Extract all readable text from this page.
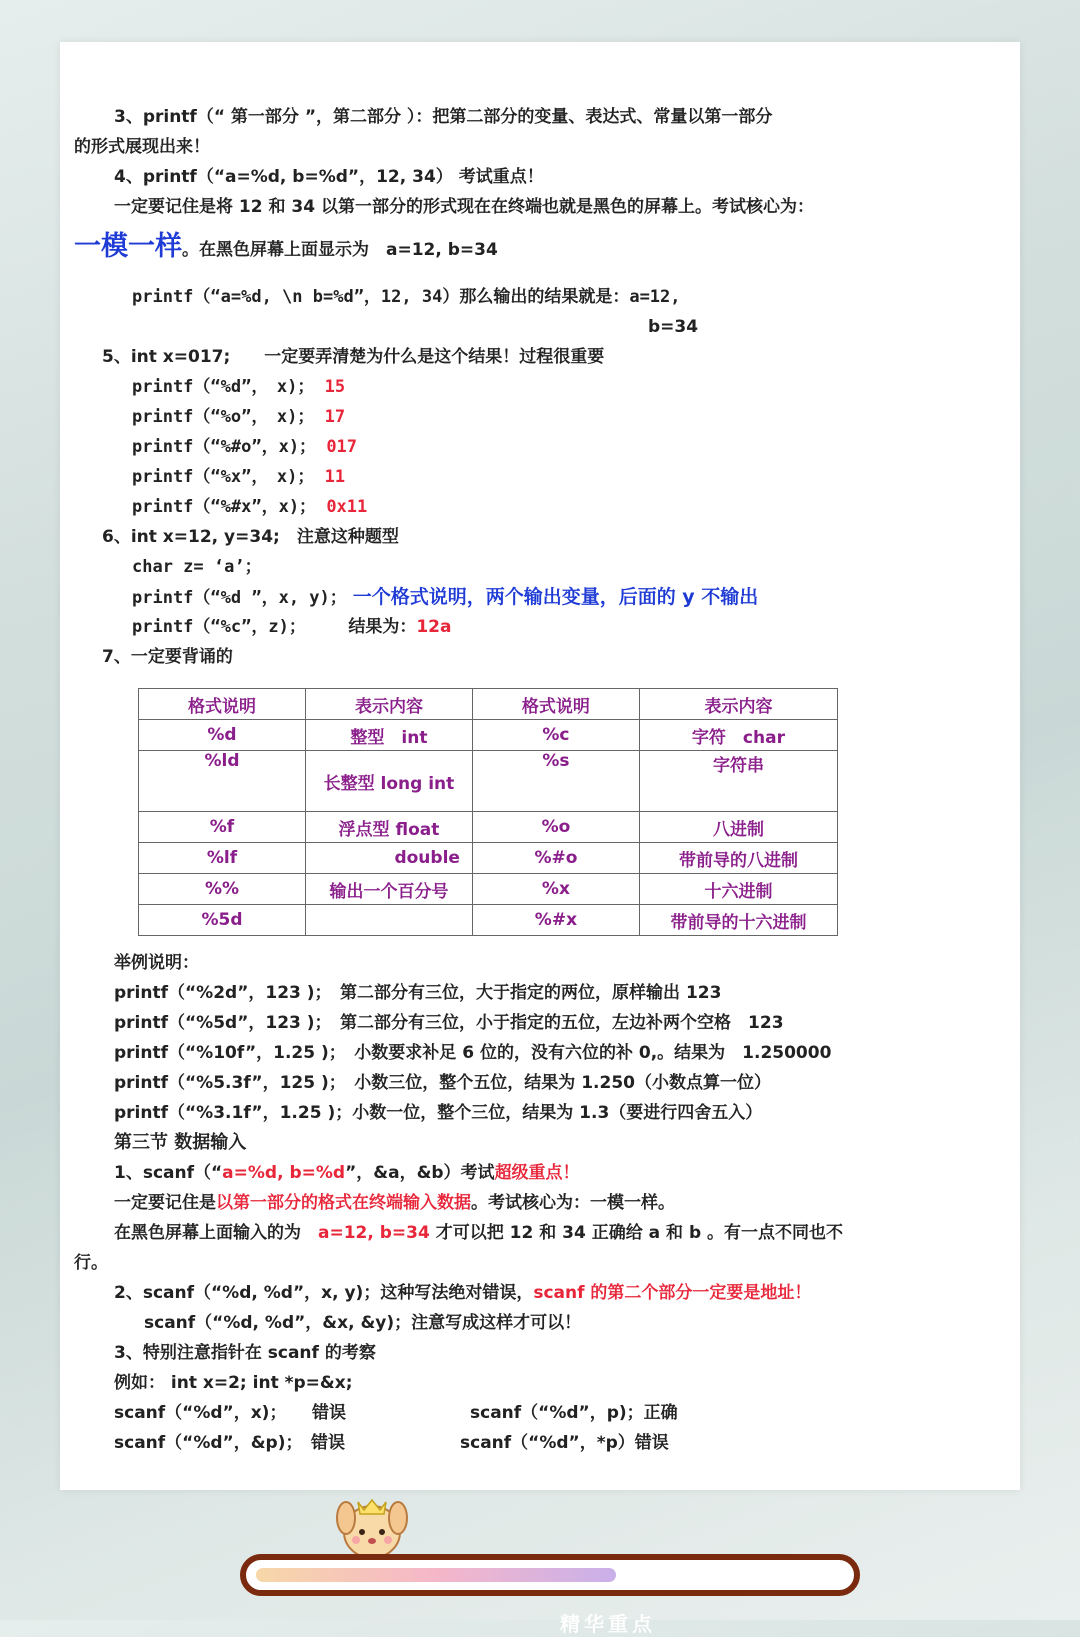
3、printf（“ 第一部分 ”，第二部分 ）：把第二部分的变量、表达式、常量以第一部分
的形式展现出来！
4、printf（“a=%d, b=%d”，12, 34） 考试重点！
一定要记住是将 12 和 34 以第一部分的形式现在在终端也就是黑色的屏幕上。考试核心为：
一模一样。在黑色屏幕上面显示为　a=12, b=34
printf（“a=%d, \n b=%d”，12, 34）那么输出的结果就是：a=12,
b=34
5、int x=017;　　一定要弄清楚为什么是这个结果！过程很重要
printf（“%d”，　x)； 15
printf（“%o”，　x)； 17
printf（“%#o”，x)； 017
printf（“%x”，　x)； 11
printf（“%#x”，x)； 0x11
6、int x=12, y=34;　注意这种题型
char z= ‘a’；
printf（“%d ”，x, y)； 一个格式说明，两个输出变量，后面的 y 不输出
printf（“%c”，z)；　　　结果为：12a
7、一定要背诵的
格式说明	表示内容	格式说明	表示内容
%d	整型　int	%c	字符　char
%ld	长整型 long int	%s	字符串
%f	浮点型 float	%o	八进制
%lf	double	%#o	带前导的八进制
%%	输出一个百分号	%x	十六进制
%5d		%#x	带前导的十六进制
举例说明：
printf（“%2d”，123 )；　第二部分有三位，大于指定的两位，原样输出 123
printf（“%5d”，123 )；　第二部分有三位，小于指定的五位，左边补两个空格　123
printf（“%10f”，1.25 )；　小数要求补足 6 位的，没有六位的补 0,。结果为　1.250000
printf（“%5.3f”，125 )；　小数三位，整个五位，结果为 1.250（小数点算一位）
printf（“%3.1f”，1.25 )；小数一位，整个三位，结果为 1.3（要进行四舍五入）
第三节 数据输入
1、scanf（“a=%d, b=%d”，&a，&b）考试超级重点！
一定要记住是以第一部分的格式在终端输入数据。考试核心为：一模一样。
在黑色屏幕上面输入的为　a=12, b=34 才可以把 12 和 34 正确给 a 和 b 。有一点不同也不
行。
2、scanf（“%d, %d”，x, y)；这种写法绝对错误，scanf 的第二个部分一定要是地址！
scanf（“%d, %d”，&x, &y)；注意写成这样才可以！
3、特别注意指针在 scanf 的考察
例如： int x=2; int *p=&x;
scanf（“%d”，x)；　　错误	scanf（“%d”，p)；正确
scanf（“%d”，&p)；　错误	scanf（“%d”，*p）错误
精华重点
